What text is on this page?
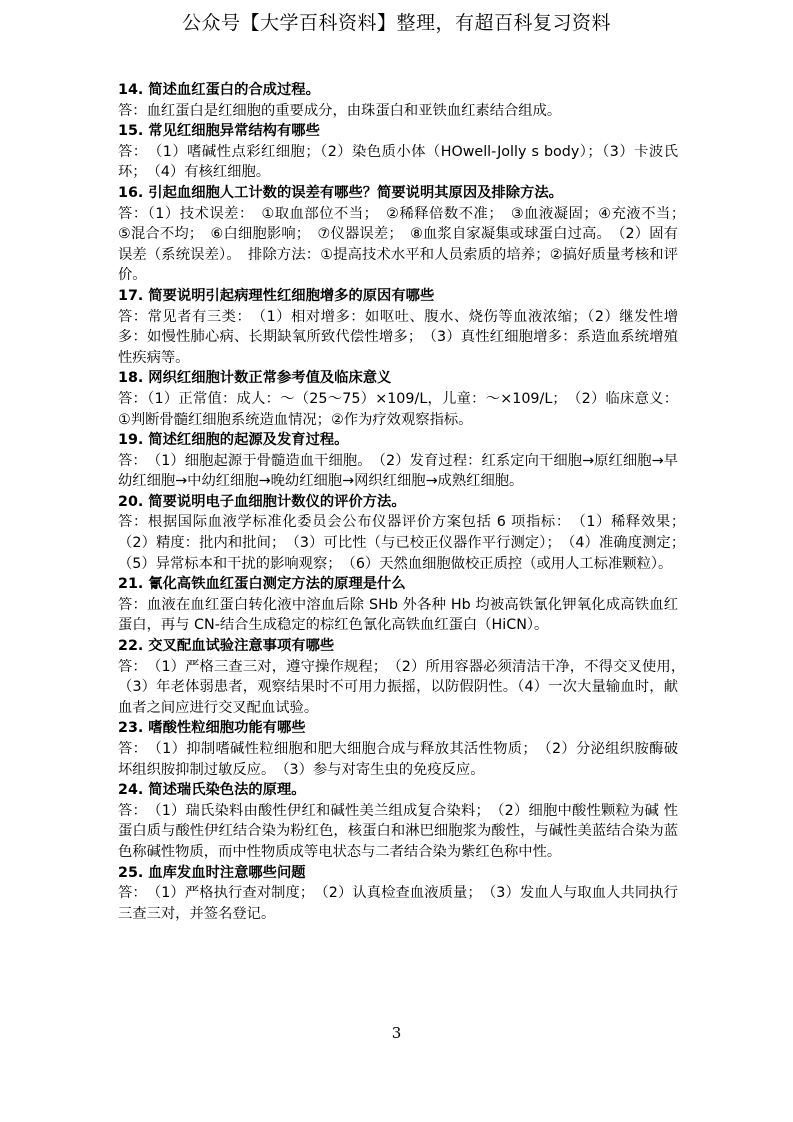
公众号【大学百科资料】整理，有超百科复习资料
14. 简述血红蛋白的合成过程。
答：血红蛋白是红细胞的重要成分，由珠蛋白和亚铁血红素结合组成。
15. 常见红细胞异常结构有哪些
答：　（1）嗜碱性点彩红细胞；（2）染色质小体（HOwell-Jolly s body）；（3）卡波氏环；　（4）有核红细胞。
16. 引起血细胞人工计数的误差有哪些？简要说明其原因及排除方法。
答：（1）技术误差：　①取血部位不当；　②稀释倍数不准；　③血液凝固；④充液不当；　⑤混合不均；　⑥白细胞影响；　⑦仪器误差；　⑧血浆自家凝集或球蛋白过高。　（2）固有误差（系统误差）。　排除方法：①提高技术水平和人员索质的培养；②搞好质量考核和评价。
17. 简要说明引起病理性红细胞增多的原因有哪些
答：常见者有三类：　（1）相对增多：如呕吐、腹水、烧伤等血液浓缩；（2）继发性增多：如慢性肺心病、长期缺氧所致代偿性增多；　（3）真性红细胞增多：系造血系统增殖性疾病等。
18. 网织红细胞计数正常参考值及临床意义
答：（1）正常值：成人：～（25～75）×109/L，儿童：～×109/L；　（2）临床意义：①判断骨髓红细胞系统造血情况；②作为疗效观察指标。
19. 简述红细胞的起源及发育过程。
答：　（1）细胞起源于骨髓造血干细胞。　（2）发育过程：红系定向干细胞→原红细胞→早幼红细胞→中幼红细胞→晚幼红细胞→网织红细胞→成熟红细胞。
20. 简要说明电子血细胞计数仪的评价方法。
答：根据国际血液学标准化委员会公布仪器评价方案包括 6 项指标：　（1）稀释效果；　（2）精度：批内和批间；　（3）可比性（与已校正仪器作平行测定）；　（4）准确度测定；　（5）异常标本和干扰的影响观察；　（6）天然血细胞做校正质控（或用人工标准颗粒）。
21. 氰化高铁血红蛋白测定方法的原理是什么
答：血液在血红蛋白转化液中溶血后除 SHb 外各种 Hb 均被高铁氰化钾氧化成高铁血红 蛋白，再与 CN-结合生成稳定的棕红色氰化高铁血红蛋白（HiCN）。
22. 交叉配血试验注意事项有哪些
答：　（1）严格三查三对，遵守操作规程；　（2）所用容器必须清洁干净，不得交叉使用，　（3）年老体弱患者，观察结果时不可用力振摇，以防假阴性。（4）一次大量输血时，献血者之间应进行交叉配血试验。
23. 嗜酸性粒细胞功能有哪些
答：　（1）抑制嗜碱性粒细胞和肥大细胞合成与释放其活性物质；　（2）分泌组织胺酶破坏组织胺抑制过敏反应。　（3）参与对寄生虫的免疫反应。
24. 简述瑞氏染色法的原理。
答：　（1）瑞氏染料由酸性伊红和碱性美兰组成复合染料；　（2）细胞中酸性颗粒为碱 性蛋白质与酸性伊红结合染为粉红色，核蛋白和淋巴细胞浆为酸性，与碱性美蓝结合染为蓝色称碱性物质，而中性物质成等电状态与二者结合染为紫红色称中性。
25. 血库发血时注意哪些问题
答：　（1）严格执行查对制度；　（2）认真检查血液质量；　（3）发血人与取血人共同执行三查三对，并签名登记。
3
